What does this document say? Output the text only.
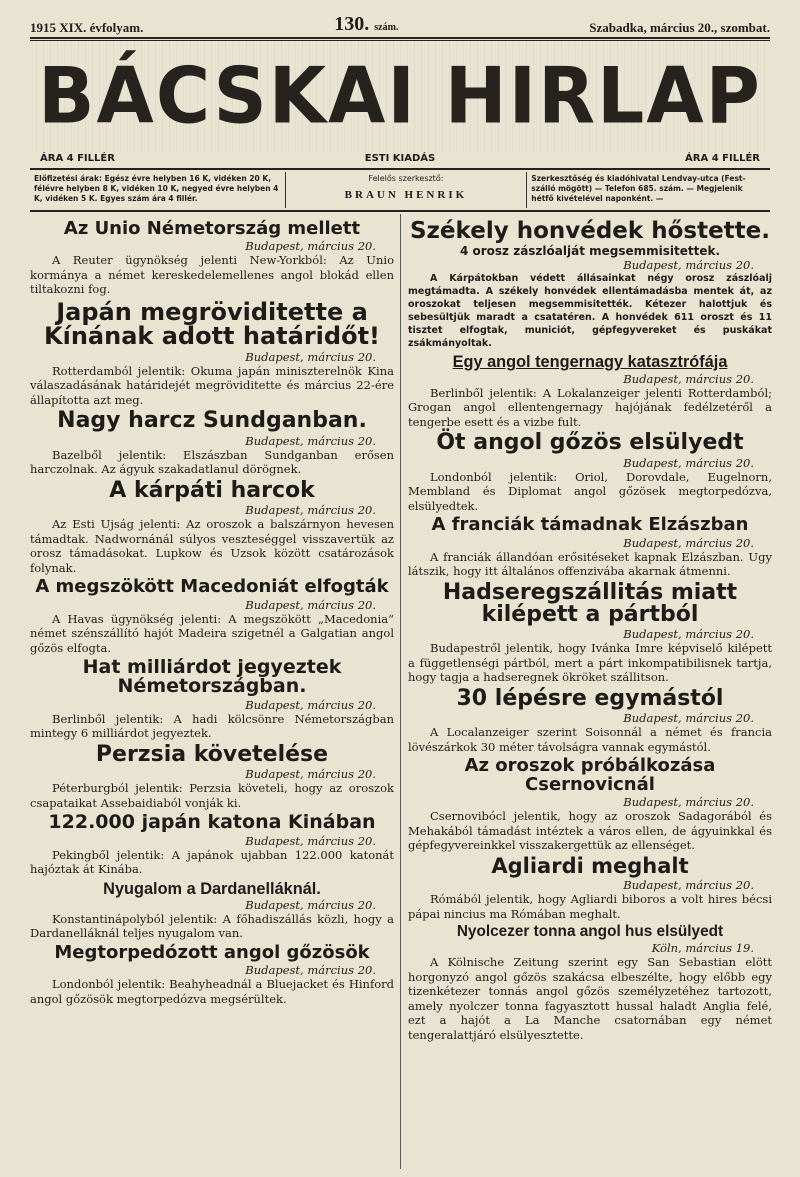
1915 XIX. évfolyam.	130. szám.	Szabadka, március 20., szombat.
BÁCSKAI HIRLAP
ÁRA 4 FILLÉR	ESTI KIADÁS	ÁRA 4 FILLÉR
Előfizetési árak: Egész évre helyben 16 K, vidéken 20 K, félévre helyben 8 K, vidéken 10 K, negyed évre helyben 4 K, vidéken 5 K. Egyes szám ára 4 fillér.
Felelős szerkesztő:
BRAUN HENRIK
Szerkesztőség és kiadóhivatal Lendvay-utca (Fest-szálló mögött) — Telefon 685. szám. — Megjelenik hétfő kivételével naponként. —
Az Unio Németország mellett
Budapest, március 20.
A Reuter ügynökség jelenti New-Yorkból: Az Unio kormánya a német kereskedelemellenes angol blokád ellen tiltakozni fog.
Japán megröviditette a Kínának adott határidőt!
Budapest, március 20.
Rotterdamból jelentik: Okuma japán miniszterelnök Kina válaszadásának határidejét megröviditette és március 22-ére állapította azt meg.
Nagy harcz Sundganban.
Budapest, március 20.
Bazelből jelentik: Elszászban Sundganban erősen harczolnak. Az ágyuk szakadatlanul dörögnek.
A kárpáti harcok
Budapest, március 20.
Az Esti Ujság jelenti: Az oroszok a balszárnyon hevesen támadtak. Nadwornánál súlyos veszteséggel visszavertük az orosz támadásokat. Lupkow és Uzsok között csatározások folynak.
A megszökött Macedoniát elfogták
Budapest, március 20.
A Havas ügynökség jelenti: A megszökött „Macedonia“ német szénszállító hajót Madeira szigetnél a Galgatian angol gőzös elfogta.
Hat milliárdot jegyeztek Németországban.
Budapest, március 20.
Berlinből jelentik: A hadi kölcsönre Németországban mintegy 6 milliárdot jegyeztek.
Perzsia követelése
Budapest, március 20.
Péterburgból jelentik: Perzsia követeli, hogy az oroszok csapataikat Assebaidiaból vonják ki.
122.000 japán katona Kinában
Budapest, március 20.
Pekingből jelentik: A japánok ujabban 122.000 katonát hajóztak át Kinába.
Nyugalom a Dardanelláknál.
Budapest, március 20.
Konstantinápolyból jelentik: A főhadiszállás közli, hogy a Dardanelláknál teljes nyugalom van.
Megtorpedózott angol gőzösök
Budapest, március 20.
Londonból jelentik: Beahyheadnál a Bluejacket és Hinford angol gőzösök megtorpedózva megsérültek.
Székely honvédek hőstette.
4 orosz zászlóalját megsemmisitettek.
Budapest, március 20.
A Kárpátokban védett állásainkat négy orosz zászlóalj megtámadta. A székely honvédek ellentámadásba mentek át, az oroszokat teljesen megsemmisitették. Kétezer halottjuk és sebesültjük maradt a csatatéren. A honvédek 611 oroszt és 11 tisztet elfogtak, municiót, gépfegyvereket és puskákat zsákmányoltak.
Egy angol tengernagy katasztrófája
Budapest, március 20.
Berlinből jelentik: A Lokalanzeiger jelenti Rotterdamból; Grogan angol ellentengernagy hajójának fedélzetéről a tengerbe esett és a vizbe fult.
Öt angol gőzös elsülyedt
Budapest, március 20.
Londonból jelentik: Oriol, Dorovdale, Eugelnorn, Membland és Diplomat angol gőzösek megtorpedózva, elsülyedtek.
A franciák támadnak Elzászban
Budapest, március 20.
A franciák állandóan erősitéseket kapnak Elzászban. Ugy látszik, hogy itt általános offenzivába akarnak átmenni.
Hadseregszállitás miatt kilépett a pártból
Budapest, március 20.
Budapestről jelentik, hogy Ivánka Imre képviselő kilépett a függetlenségi pártból, mert a párt inkompatibilisnek tartja, hogy tagja a hadseregnek ökröket szállitson.
30 lépésre egymástól
Budapest, március 20.
A Localanzeiger szerint Soisonnál a német és francia lövészárkok 30 méter távolságra vannak egymástól.
Az oroszok próbálkozása Csernovicnál
Budapest, március 20.
Csernovibócl jelentik, hogy az oroszok Sadagorából és Mehakából támadást intéztek a város ellen, de ágyuinkkal és gépfegyvereinkkel visszakergettük az ellenséget.
Agliardi meghalt
Budapest, március 20.
Rómából jelentik, hogy Agliardi biboros a volt hires bécsi pápai nincius ma Rómában meghalt.
Nyolcezer tonna angol hus elsülyedt
Köln, március 19.
A Kölnische Zeitung szerint egy San Sebastian elött horgonyzó angol gőzös szakácsa elbeszélte, hogy előbb egy tizenkétezer tonnás angol gőzös személyzetéhez tartozott, amely nyolczer tonna fagyasztott hussal haladt Anglia felé, ezt a hajót a La Manche csatornában egy német tengeralattjáró elsülyesztette.
